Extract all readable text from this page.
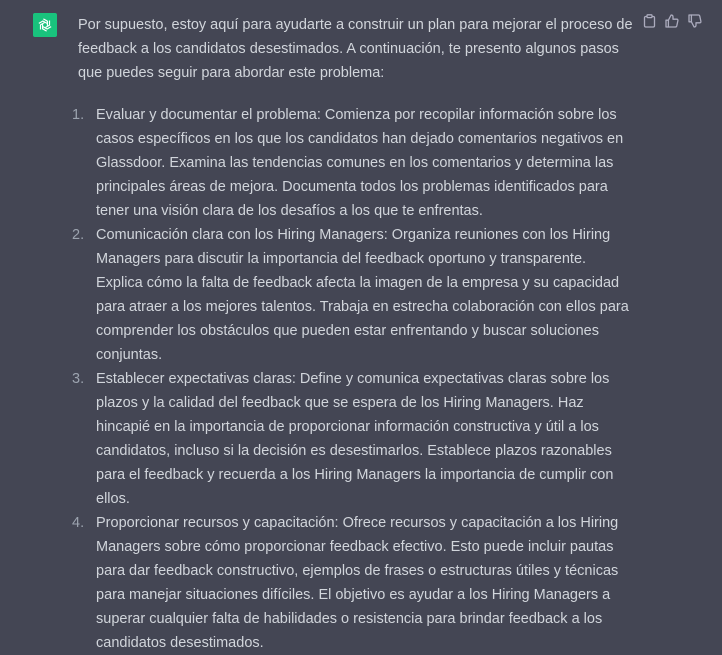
Por supuesto, estoy aquí para ayudarte a construir un plan para mejorar el proceso de feedback a los candidatos desestimados. A continuación, te presento algunos pasos que puedes seguir para abordar este problema:

1. Evaluar y documentar el problema: Comienza por recopilar información sobre los casos específicos en los que los candidatos han dejado comentarios negativos en Glassdoor. Examina las tendencias comunes en los comentarios y determina las principales áreas de mejora. Documenta todos los problemas identificados para tener una visión clara de los desafíos a los que te enfrentas.
2. Comunicación clara con los Hiring Managers: Organiza reuniones con los Hiring Managers para discutir la importancia del feedback oportuno y transparente. Explica cómo la falta de feedback afecta la imagen de la empresa y su capacidad para atraer a los mejores talentos. Trabaja en estrecha colaboración con ellos para comprender los obstáculos que pueden estar enfrentando y buscar soluciones conjuntas.
3. Establecer expectativas claras: Define y comunica expectativas claras sobre los plazos y la calidad del feedback que se espera de los Hiring Managers. Haz hincapié en la importancia de proporcionar información constructiva y útil a los candidatos, incluso si la decisión es desestimarlos. Establece plazos razonables para el feedback y recuerda a los Hiring Managers la importancia de cumplir con ellos.
4. Proporcionar recursos y capacitación: Ofrece recursos y capacitación a los Hiring Managers sobre cómo proporcionar feedback efectivo. Esto puede incluir pautas para dar feedback constructivo, ejemplos de frases o estructuras útiles y técnicas para manejar situaciones difíciles. El objetivo es ayudar a los Hiring Managers a superar cualquier falta de habilidades o resistencia para brindar feedback a los candidatos desestimados.
